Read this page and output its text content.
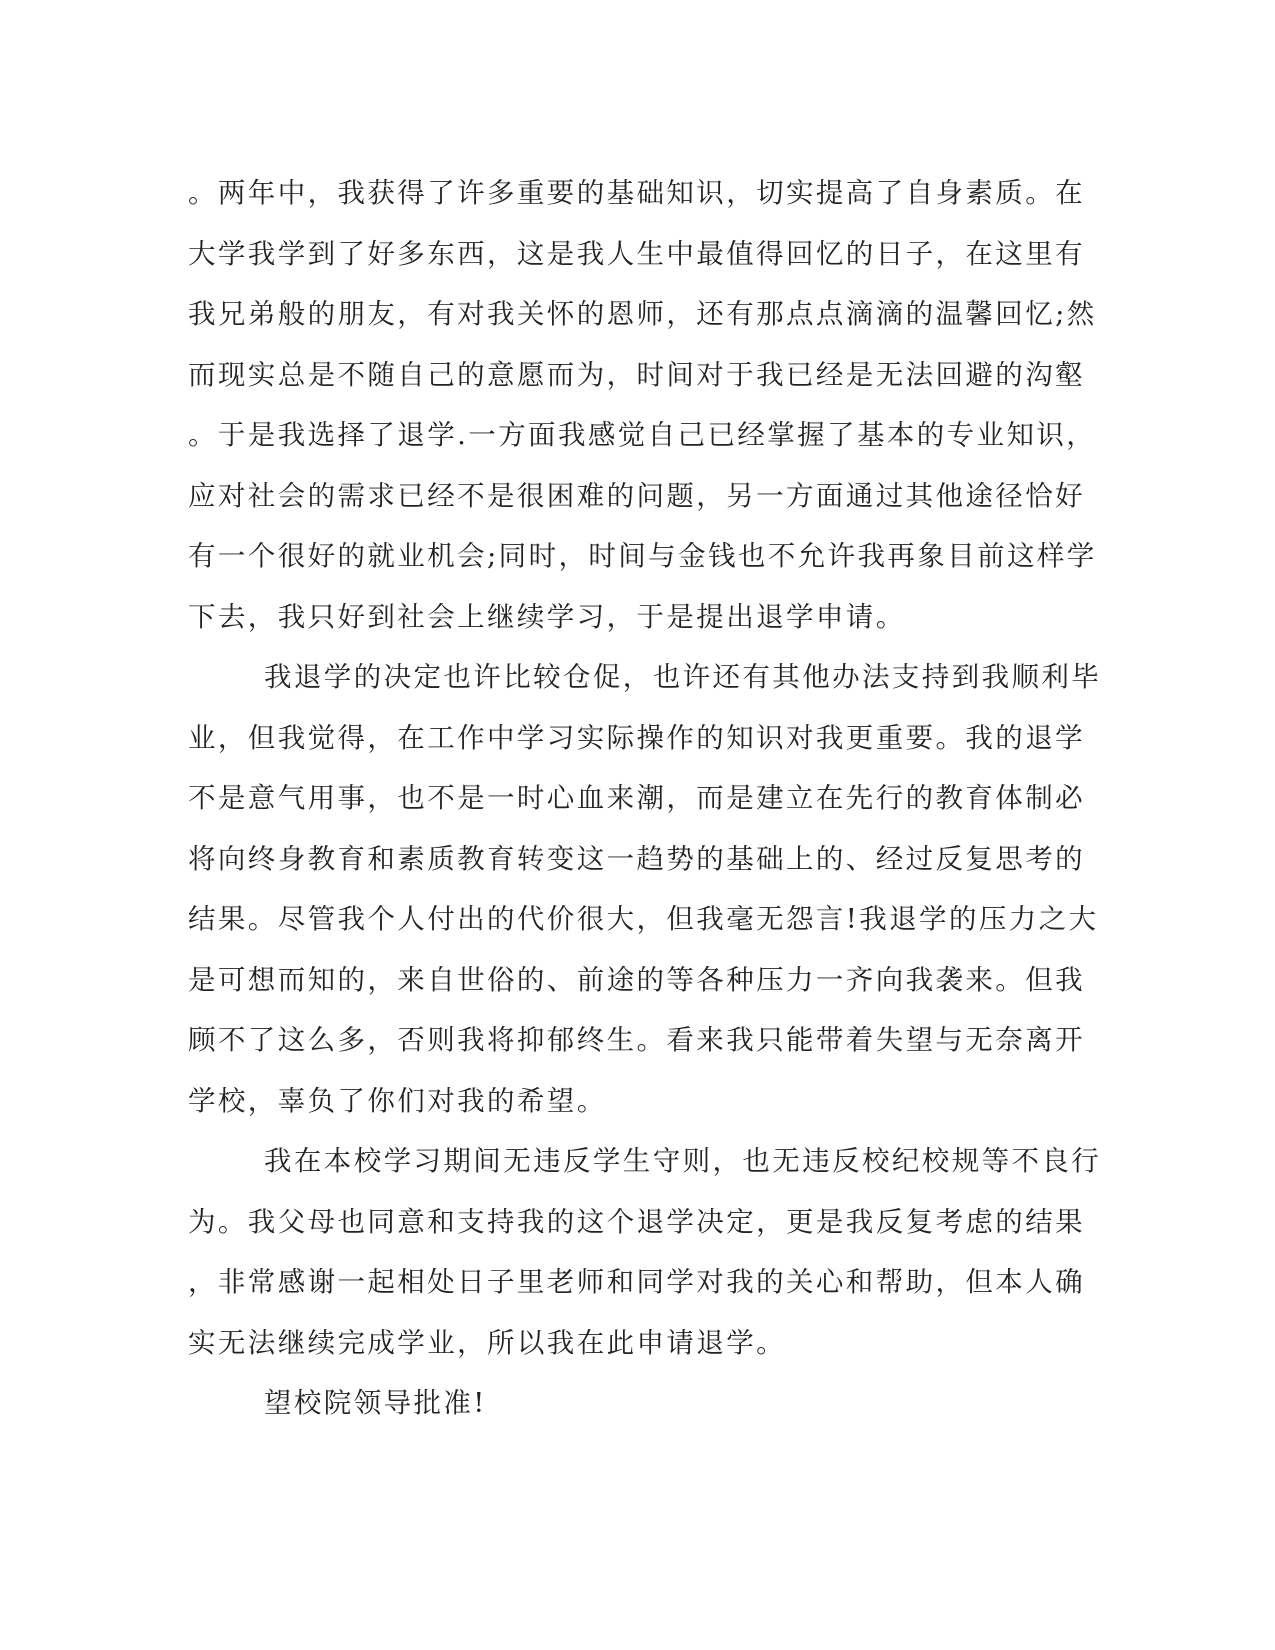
。两年中，我获得了许多重要的基础知识，切实提高了自身素质。在
大学我学到了好多东西，这是我人生中最值得回忆的日子，在这里有
我兄弟般的朋友，有对我关怀的恩师，还有那点点滴滴的温馨回忆;然
而现实总是不随自己的意愿而为，时间对于我已经是无法回避的沟壑
。于是我选择了退学.一方面我感觉自己已经掌握了基本的专业知识，
应对社会的需求已经不是很困难的问题，另一方面通过其他途径恰好
有一个很好的就业机会;同时，时间与金钱也不允许我再象目前这样学
下去，我只好到社会上继续学习，于是提出退学申请。
我退学的决定也许比较仓促，也许还有其他办法支持到我顺利毕
业，但我觉得，在工作中学习实际操作的知识对我更重要。我的退学
不是意气用事，也不是一时心血来潮，而是建立在先行的教育体制必
将向终身教育和素质教育转变这一趋势的基础上的、经过反复思考的
结果。尽管我个人付出的代价很大，但我毫无怨言!我退学的压力之大
是可想而知的，来自世俗的、前途的等各种压力一齐向我袭来。但我
顾不了这么多，否则我将抑郁终生。看来我只能带着失望与无奈离开
学校，辜负了你们对我的希望。
我在本校学习期间无违反学生守则，也无违反校纪校规等不良行
为。我父母也同意和支持我的这个退学决定，更是我反复考虑的结果
，非常感谢一起相处日子里老师和同学对我的关心和帮助，但本人确
实无法继续完成学业，所以我在此申请退学。
望校院领导批准!
